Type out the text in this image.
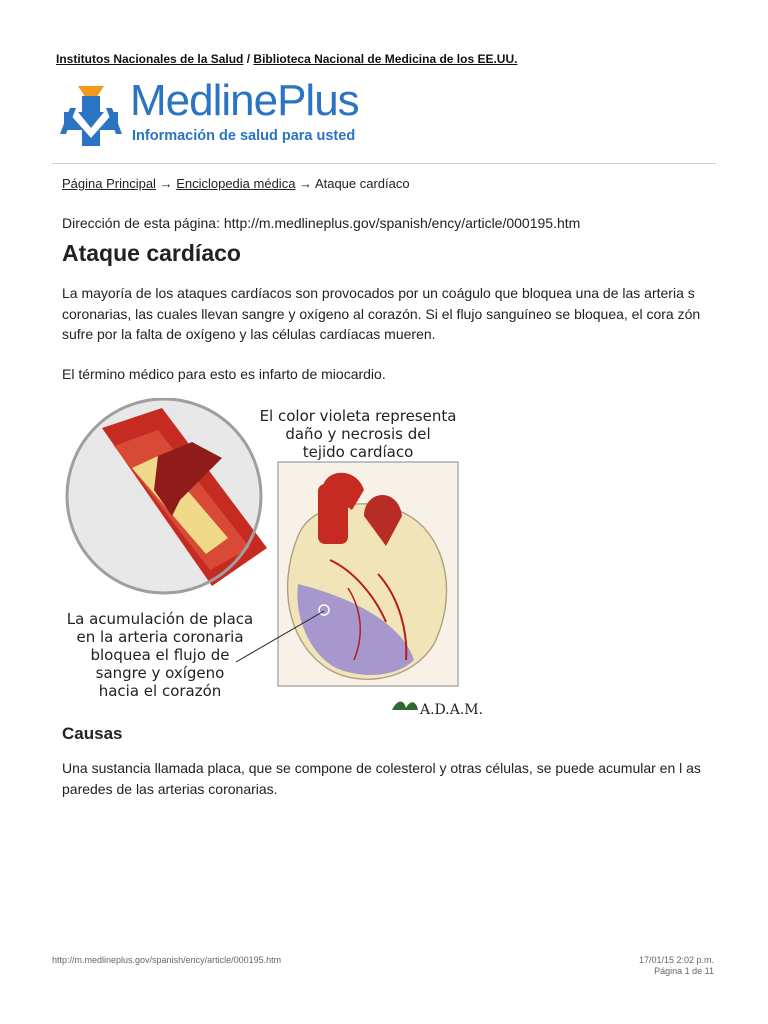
Institutos Nacionales de la Salud / Biblioteca Nacional de Medicina de los EE.UU.
MedlinePlus
Información de salud para usted
Página Principal → Enciclopedia médica → Ataque cardíaco
Dirección de esta página: http://m.medlineplus.gov/spanish/ency/article/000195.htm
Ataque cardíaco

La mayoría de los ataques cardíacos son provocados por un coágulo que bloquea una de las arteria s coronarias, las cuales llevan sangre y oxígeno al corazón. Si el flujo sanguíneo se bloquea, el cora zón sufre por la falta de oxígeno y las células cardíacas mueren.

El término médico para esto es infarto de miocardio.

El color violeta representa
daño y necrosis del
tejido cardíaco
La acumulación de placa
en la arteria coronaria
bloquea el flujo de
sangre y oxígeno
hacia el corazón
A.D.A.M.
Causas

Una sustancia llamada placa, que se compone de colesterol y otras células, se puede acumular en l as paredes de las arterias coronarias.

http://m.medlineplus.gov/spanish/ency/article/000195.htm	17/01/15 2:02 p.m.
Página 1 de 11
